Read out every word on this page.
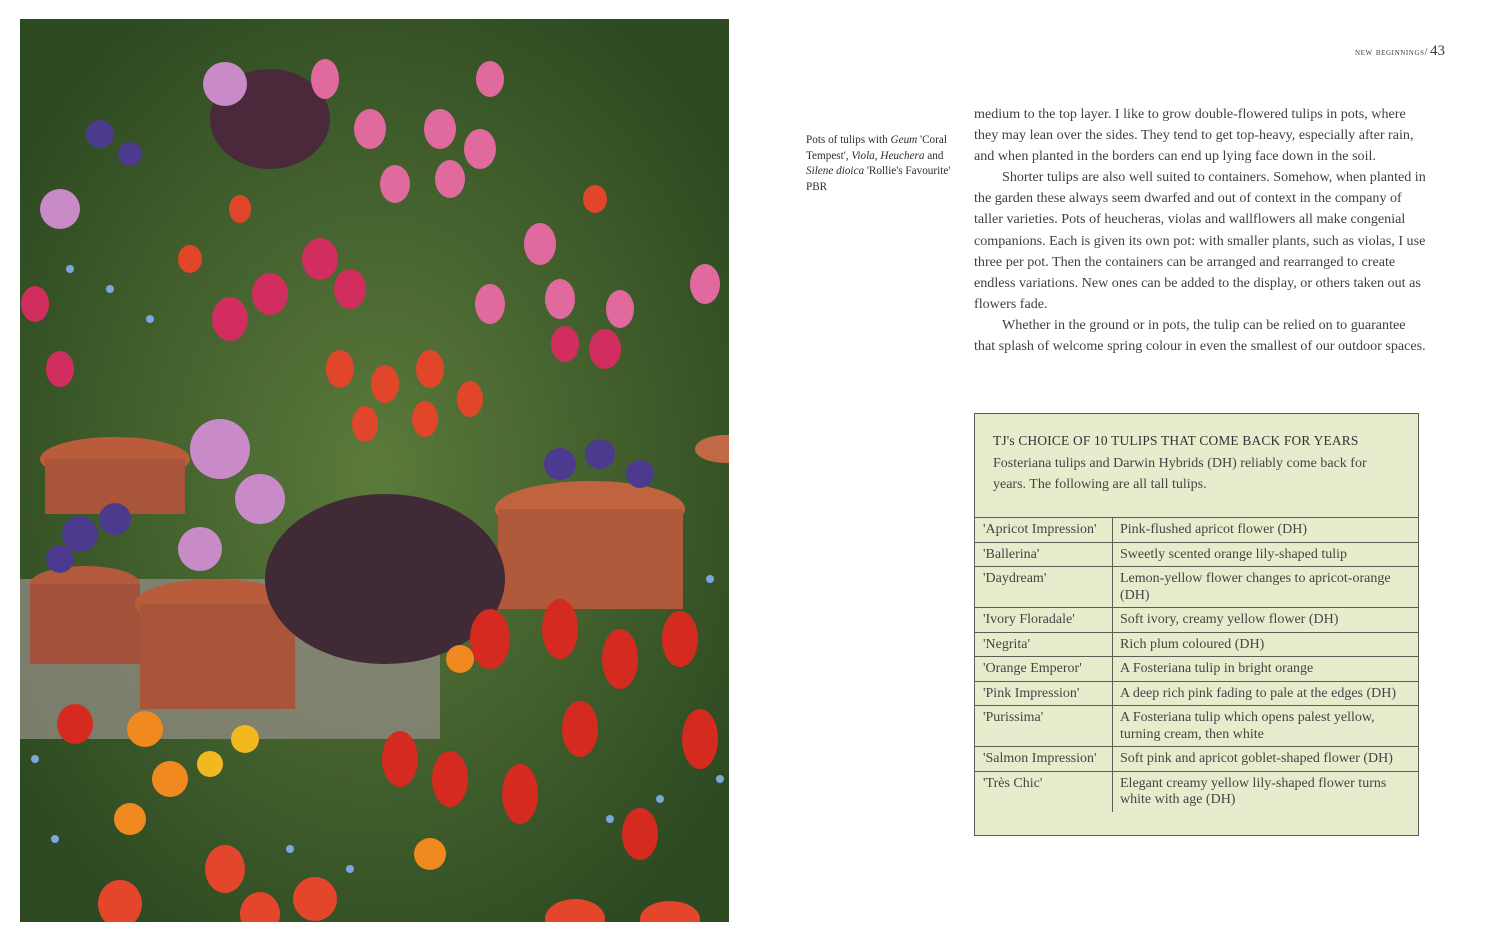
new beginnings/ 43
Pots of tulips with Geum 'Coral Tempest', Viola, Heuchera and Silene dioica 'Rollie's Favourite' PBR

medium to the top layer. I like to grow double-flowered tulips in pots, where they may lean over the sides. They tend to get top-heavy, especially after rain, and when planted in the borders can end up lying face down in the soil.

Shorter tulips are also well suited to containers. Somehow, when planted in the garden these always seem dwarfed and out of context in the company of taller varieties. Pots of heucheras, violas and wallflowers all make congenial companions. Each is given its own pot: with smaller plants, such as violas, I use three per pot. Then the containers can be arranged and rearranged to create endless variations. New ones can be added to the display, or others taken out as flowers fade.

Whether in the ground or in pots, the tulip can be relied on to guarantee that splash of welcome spring colour in even the smallest of our outdoor spaces.

TJ's CHOICE OF 10 TULIPS THAT COME BACK FOR YEARS
Fosteriana tulips and Darwin Hybrids (DH) reliably come back for years. The following are all tall tulips.
'Apricot Impression'	Pink-flushed apricot flower (DH)
'Ballerina'	Sweetly scented orange lily-shaped tulip
'Daydream'	Lemon-yellow flower changes to apricot-orange (DH)
'Ivory Floradale'	Soft ivory, creamy yellow flower (DH)
'Negrita'	Rich plum coloured (DH)
'Orange Emperor'	A Fosteriana tulip in bright orange
'Pink Impression'	A deep rich pink fading to pale at the edges (DH)
'Purissima'	A Fosteriana tulip which opens palest yellow, turning cream, then white
'Salmon Impression'	Soft pink and apricot goblet-shaped flower (DH)
'Très Chic'	Elegant creamy yellow lily-shaped flower turns white with age (DH)
